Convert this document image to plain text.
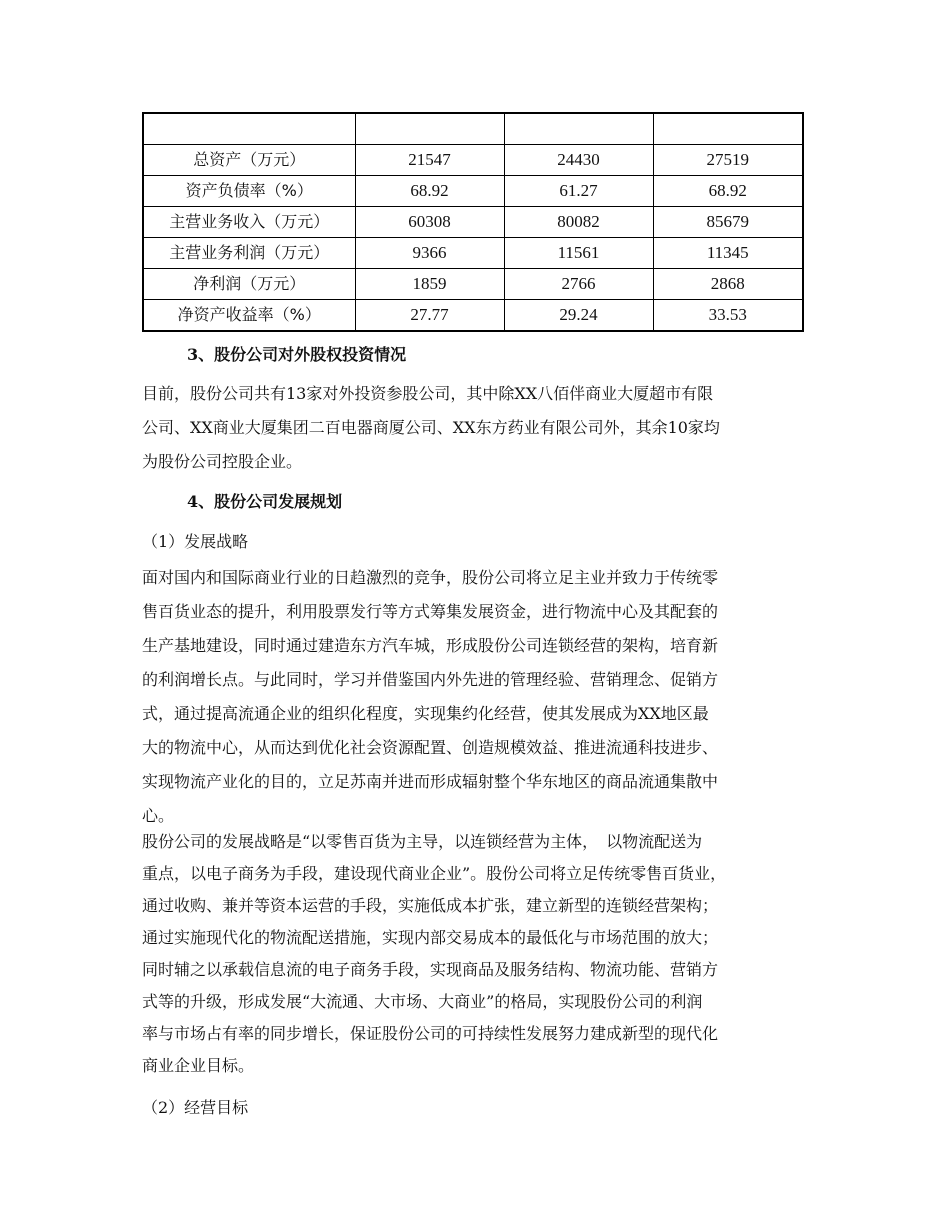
总资产（万元）	21547	24430	27519
资产负债率（%）	68.92	61.27	68.92
主营业务收入（万元）	60308	80082	85679
主营业务利润（万元）	9366	11561	11345
净利润（万元）	1859	2766	2868
净资产收益率（%）	27.77	29.24	33.53
3、股份公司对外股权投资情况
目前，股份公司共有13家对外投资参股公司，其中除XX八佰伴商业大厦超市有限
公司、XX商业大厦集团二百电器商厦公司、XX东方药业有限公司外，其余10家均
为股份公司控股企业。
4、股份公司发展规划
（1）发展战略
面对国内和国际商业行业的日趋激烈的竞争，股份公司将立足主业并致力于传统零
售百货业态的提升，利用股票发行等方式筹集发展资金，进行物流中心及其配套的
生产基地建设，同时通过建造东方汽车城，形成股份公司连锁经营的架构，培育新
的利润增长点。与此同时，学习并借鉴国内外先进的管理经验、营销理念、促销方
式，通过提高流通企业的组织化程度，实现集约化经营，使其发展成为XX地区最
大的物流中心，从而达到优化社会资源配置、创造规模效益、推进流通科技进步、
实现物流产业化的目的，立足苏南并进而形成辐射整个华东地区的商品流通集散中
心。
股份公司的发展战略是“以零售百货为主导，以连锁经营为主体，　以物流配送为
重点，以电子商务为手段，建设现代商业企业”。股份公司将立足传统零售百货业，
通过收购、兼并等资本运营的手段，实施低成本扩张，建立新型的连锁经营架构；
通过实施现代化的物流配送措施，实现内部交易成本的最低化与市场范围的放大；
同时辅之以承载信息流的电子商务手段，实现商品及服务结构、物流功能、营销方
式等的升级，形成发展“大流通、大市场、大商业”的格局，实现股份公司的利润
率与市场占有率的同步增长，保证股份公司的可持续性发展努力建成新型的现代化
商业企业目标。
（2）经营目标
